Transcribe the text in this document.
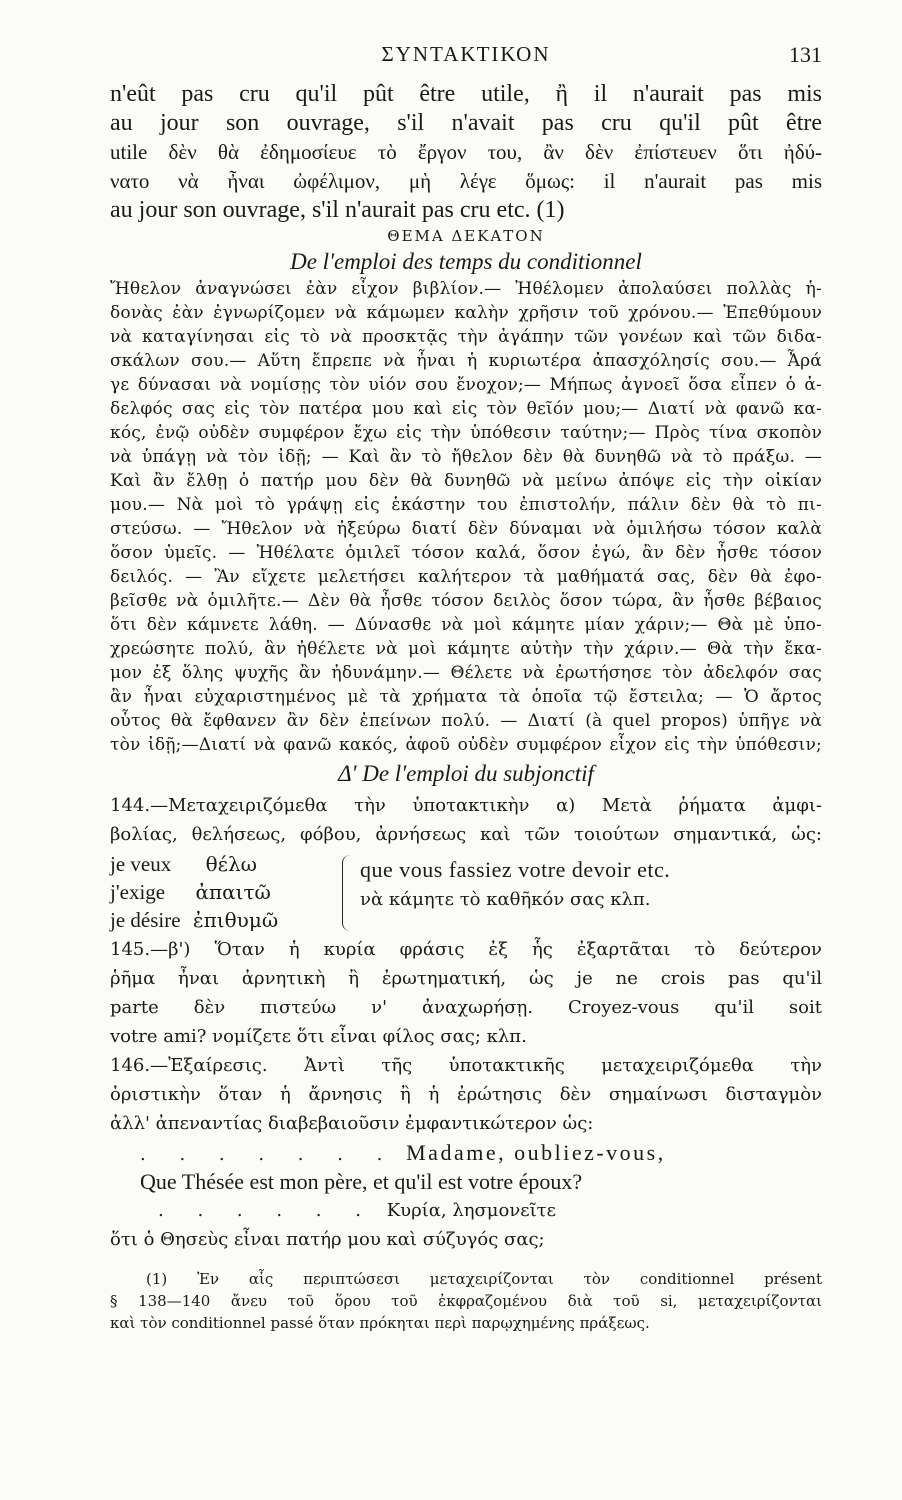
ΣΥΝΤΑΚΤΙΚΟΝ	131
n'eût pas cru qu'il pût être utile, ἢ il n'aurait pas mis
au jour son ouvrage, s'il n'avait pas cru qu'il pût être
utile δὲν θὰ ἐδημοσίευε τὸ ἔργον του, ἂν δὲν ἐπίστευεν ὅτι ἠδύ-
νατο νὰ ἦναι ὠφέλιμον, μὴ λέγε ὅμως: il n'aurait pas mis
au jour son ouvrage, s'il n'aurait pas cru etc. (1)
ΘΕΜΑ ΔΕΚΑΤΟΝ
De l'emploi des temps du conditionnel
Ἤθελον ἀναγνώσει ἐὰν εἶχον βιβλίον.— Ἠθέλομεν ἀπολαύσει πολλὰς ἡ-
δονὰς ἐὰν ἐγνωρίζομεν νὰ κάμωμεν καλὴν χρῆσιν τοῦ χρόνου.— Ἐπεθύμουν
νὰ καταγίνησαι εἰς τὸ νὰ προσκτᾷς τὴν ἀγάπην τῶν γονέων καὶ τῶν διδα-
σκάλων σου.— Αὕτη ἔπρεπε νὰ ἦναι ἡ κυριωτέρα ἀπασχόλησίς σου.— Ἆρά
γε δύνασαι νὰ νομίσῃς τὸν υἱόν σου ἔνοχον;— Μήπως ἀγνοεῖ ὅσα εἶπεν ὁ ἀ-
δελφός σας εἰς τὸν πατέρα μου καὶ εἰς τὸν θεῖόν μου;— Διατί νὰ φανῶ κα-
κός, ἐνῷ οὐδὲν συμφέρον ἔχω εἰς τὴν ὑπόθεσιν ταύτην;— Πρὸς τίνα σκοπὸν
νὰ ὑπάγῃ νὰ τὸν ἰδῇ; — Καὶ ἂν τὸ ἤθελον δὲν θὰ δυνηθῶ νὰ τὸ πράξω. —
Καὶ ἂν ἔλθῃ ὁ πατήρ μου δὲν θὰ δυνηθῶ νὰ μείνω ἀπόψε εἰς τὴν οἰκίαν
μου.— Νὰ μοὶ τὸ γράψῃ εἰς ἑκάστην του ἐπιστολήν, πάλιν δὲν θὰ τὸ πι-
στεύσω. — Ἤθελον νὰ ἠξεύρω διατί δὲν δύναμαι νὰ ὁμιλήσω τόσον καλὰ
ὅσον ὑμεῖς. — Ἠθέλατε ὁμιλεῖ τόσον καλά, ὅσον ἐγώ, ἂν δὲν ἦσθε τόσον
δειλός. — Ἂν εἴχετε μελετήσει καλήτερον τὰ μαθήματά σας, δὲν θὰ ἐφο-
βεῖσθε νὰ ὁμιλῆτε.— Δὲν θὰ ἦσθε τόσον δειλὸς ὅσον τώρα, ἂν ἦσθε βέβαιος
ὅτι δὲν κάμνετε λάθη. — Δύνασθε νὰ μοὶ κάμητε μίαν χάριν;— Θὰ μὲ ὑπο-
χρεώσητε πολύ, ἂν ἠθέλετε νὰ μοὶ κάμητε αὐτὴν τὴν χάριν.— Θὰ τὴν ἔκα-
μον ἐξ ὅλης ψυχῆς ἂν ἠδυνάμην.— Θέλετε νὰ ἐρωτήσησε τὸν ἀδελφόν σας
ἂν ἦναι εὐχαριστημένος μὲ τὰ χρήματα τὰ ὁποῖα τῷ ἔστειλα; — Ὁ ἄρτος
οὗτος θὰ ἔφθανεν ἂν δὲν ἐπείνων πολύ. — Διατί (à quel propos) ὑπῆγε νὰ
τὸν ἰδῇ;—Διατί νὰ φανῶ κακός, ἀφοῦ οὐδὲν συμφέρον εἶχον εἰς τὴν ὑπόθεσιν;
Δ' De l'emploi du subjonctif
144.—Μεταχειριζόμεθα τὴν ὑποτακτικὴν α) Μετὰ ῥήματα ἀμφι-
βολίας, θελήσεως, φόβου, ἀρνήσεως καὶ τῶν τοιούτων σημαντικά, ὡς:
je veux θέλω
j'exige ἀπαιτῶ
je désire ἐπιθυμῶ
que vous fassiez votre devoir etc.
νὰ κάμητε τὸ καθῆκόν σας κλπ.
145.—β') Ὅταν ἡ κυρία φράσις ἐξ ἧς ἐξαρτᾶται τὸ δεύτερον
ῥῆμα ἦναι ἀρνητικὴ ἢ ἐρωτηματική, ὡς je ne crois pas qu'il
parte δὲν πιστεύω ν' ἀναχωρήσῃ. Croyez-vous qu'il soit
votre ami? νομίζετε ὅτι εἶναι φίλος σας; κλπ.
146.—Ἐξαίρεσις. Ἀντὶ τῆς ὑποτακτικῆς μεταχειριζόμεθα τὴν
ὁριστικὴν ὅταν ἡ ἄρνησις ἢ ἡ ἐρώτησις δὲν σημαίνωσι δισταγμὸν
ἀλλ' ἀπεναντίας διαβεβαιοῦσιν ἐμφαντικώτερον ὡς:
. . . . . . . Madame, oubliez-vous,
Que Thésée est mon père, et qu'il est votre époux?
. . . . . . Κυρία, λησμονεῖτε
ὅτι ὁ Θησεὺς εἶναι πατήρ μου καὶ σύζυγός σας;
(1) Ἐν αἷς περιπτώσεσι μεταχειρίζονται τὸν conditionnel présent
§ 138—140 ἄνευ τοῦ ὅρου τοῦ ἐκφραζομένου διὰ τοῦ si, μεταχειρίζονται
καὶ τὸν conditionnel passé ὅταν πρόκηται περὶ παρῳχημένης πράξεως.
